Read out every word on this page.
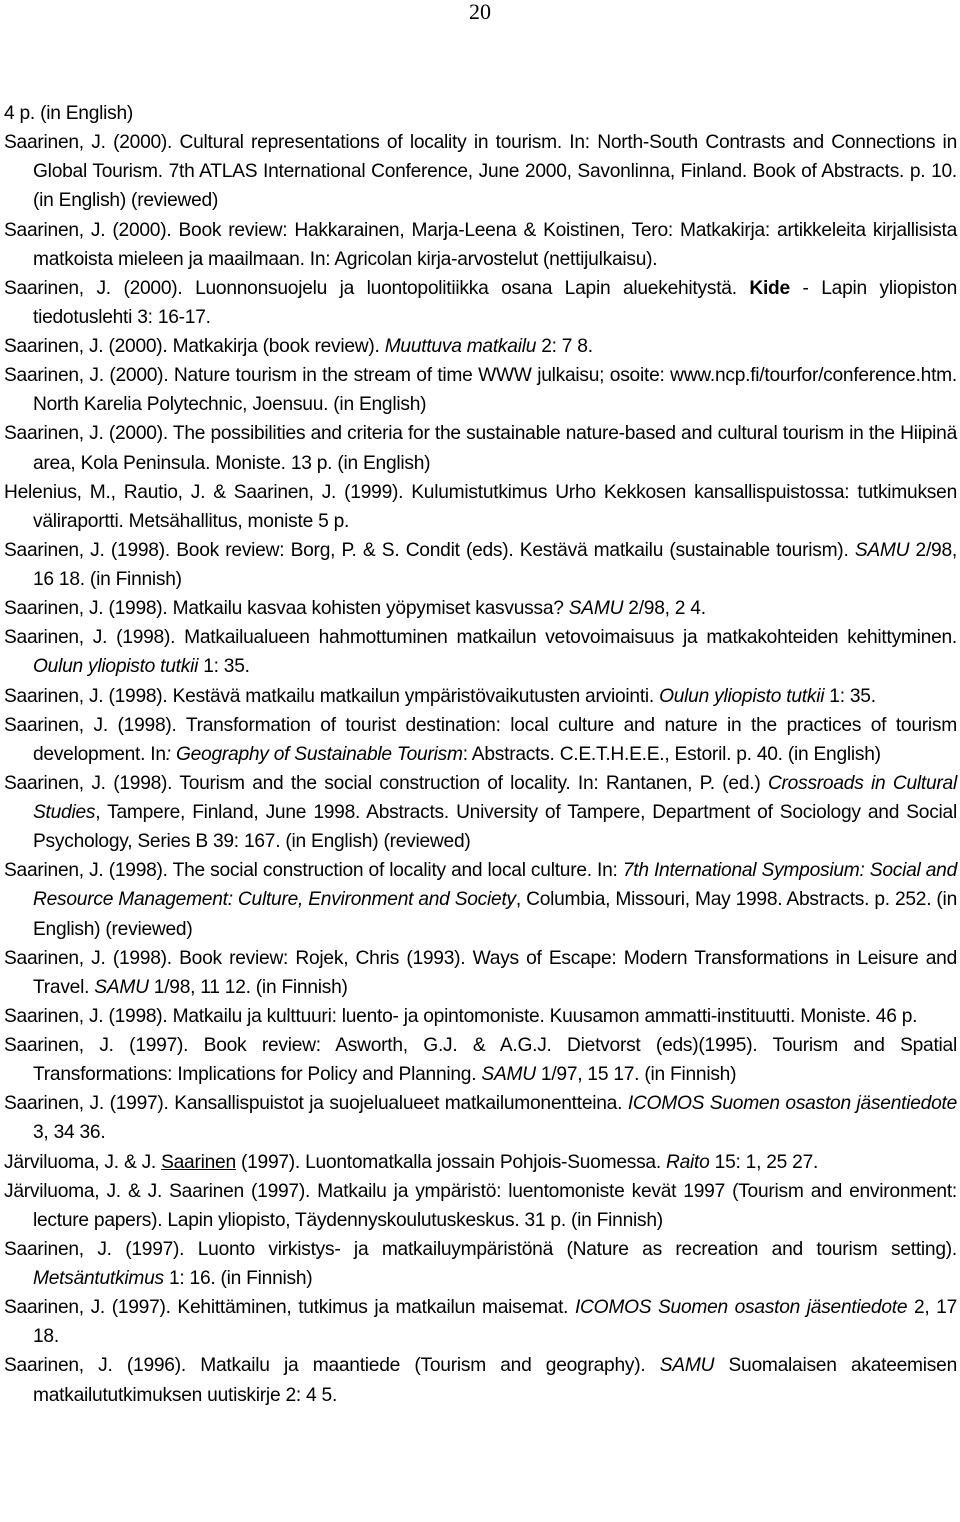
20

4 p. (in English)

Saarinen, J. (2000). Cultural representations of locality in tourism. In: North-South Contrasts and Connections in Global Tourism. 7th ATLAS International Conference, June 2000, Savonlinna, Finland. Book of Abstracts. p. 10. (in English) (reviewed)

Saarinen, J. (2000). Book review: Hakkarainen, Marja-Leena & Koistinen, Tero: Matkakirja: artikkeleita kirjallisista matkoista mieleen ja maailmaan. In: Agricolan kirja-arvostelut (nettijulkaisu).

Saarinen, J. (2000). Luonnonsuojelu ja luontopolitiikka osana Lapin aluekehitystä. Kide - Lapin yliopiston tiedotuslehti 3: 16-17.

Saarinen, J. (2000). Matkakirja (book review). Muuttuva matkailu 2: 7 8.

Saarinen, J. (2000). Nature tourism in the stream of time WWW julkaisu; osoite: www.ncp.fi/tourfor/conference.htm. North Karelia Polytechnic, Joensuu. (in English)

Saarinen, J. (2000). The possibilities and criteria for the sustainable nature-based and cultural tourism in the Hiipinä area, Kola Peninsula. Moniste. 13 p. (in English)

Helenius, M., Rautio, J. & Saarinen, J. (1999). Kulumistutkimus Urho Kekkosen kansallispuistossa: tutkimuksen väliraportti. Metsähallitus, moniste 5 p.

Saarinen, J. (1998). Book review: Borg, P. & S. Condit (eds). Kestävä matkailu (sustainable tourism). SAMU 2/98, 16 18. (in Finnish)

Saarinen, J. (1998). Matkailu kasvaa kohisten yöpymiset kasvussa? SAMU 2/98, 2 4.

Saarinen, J. (1998). Matkailualueen hahmottuminen matkailun vetovoimaisuus ja matkakohteiden kehittyminen. Oulun yliopisto tutkii 1: 35.

Saarinen, J. (1998). Kestävä matkailu matkailun ympäristövaikutusten arviointi. Oulun yliopisto tutkii 1: 35.

Saarinen, J. (1998). Transformation of tourist destination: local culture and nature in the practices of tourism development. In: Geography of Sustainable Tourism: Abstracts. C.E.T.H.E.E., Estoril. p. 40. (in English)

Saarinen, J. (1998). Tourism and the social construction of locality. In: Rantanen, P. (ed.) Crossroads in Cultural Studies, Tampere, Finland, June 1998. Abstracts. University of Tampere, Department of Sociology and Social Psychology, Series B 39: 167. (in English) (reviewed)

Saarinen, J. (1998). The social construction of locality and local culture. In: 7th International Symposium: Social and Resource Management: Culture, Environment and Society, Columbia, Missouri, May 1998. Abstracts. p. 252. (in English) (reviewed)

Saarinen, J. (1998). Book review: Rojek, Chris (1993). Ways of Escape: Modern Transformations in Leisure and Travel. SAMU 1/98, 11 12. (in Finnish)

Saarinen, J. (1998). Matkailu ja kulttuuri: luento- ja opintomoniste. Kuusamon ammatti-instituutti. Moniste. 46 p.

Saarinen, J. (1997). Book review: Asworth, G.J. & A.G.J. Dietvorst (eds)(1995). Tourism and Spatial Transformations: Implications for Policy and Planning. SAMU 1/97, 15 17. (in Finnish)

Saarinen, J. (1997). Kansallispuistot ja suojelualueet matkailumonentteina. ICOMOS Suomen osaston jäsentiedote 3, 34 36.

Järviluoma, J. & J. Saarinen (1997). Luontomatkalla jossain Pohjois-Suomessa. Raito 15: 1, 25 27.

Järviluoma, J. & J. Saarinen (1997). Matkailu ja ympäristö: luentomoniste kevät 1997 (Tourism and environment: lecture papers). Lapin yliopisto, Täydennyskoulutuskeskus. 31 p. (in Finnish)

Saarinen, J. (1997). Luonto virkistys- ja matkailuympäristönä (Nature as recreation and tourism setting). Metsäntutkimus 1: 16. (in Finnish)

Saarinen, J. (1997). Kehittäminen, tutkimus ja matkailun maisemat. ICOMOS Suomen osaston jäsentiedote 2, 17 18.

Saarinen, J. (1996). Matkailu ja maantiede (Tourism and geography). SAMU Suomalaisen akateemisen matkailututkimuksen uutiskirje 2: 4 5.
